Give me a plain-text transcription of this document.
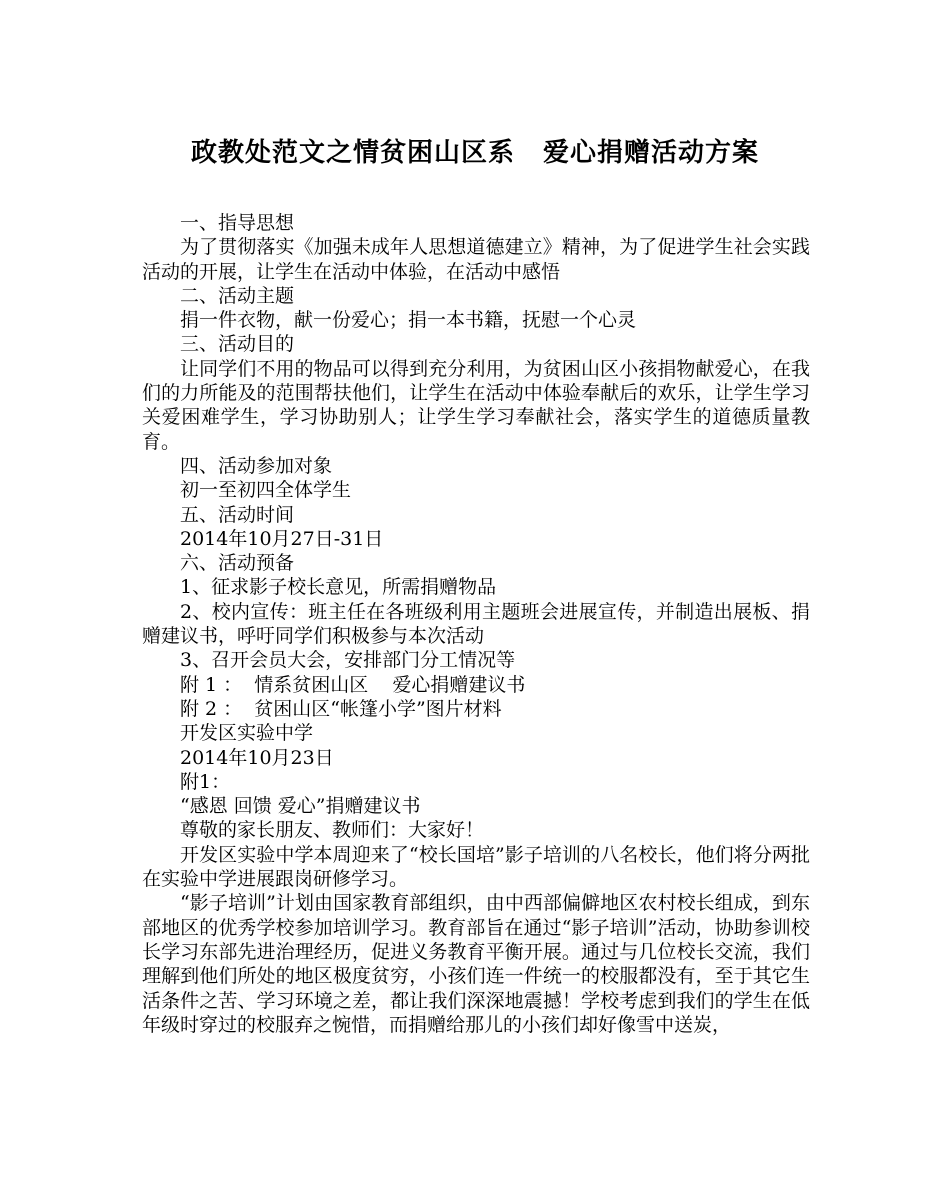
政教处范文之情贫困山区系 爱心捐赠活动方案

一、指导思想

为了贯彻落实《加强未成年人思想道德建立》精神，为了促进学生社会实践活动的开展，让学生在活动中体验，在活动中感悟

二、活动主题

捐一件衣物，献一份爱心；捐一本书籍，抚慰一个心灵

三、活动目的

让同学们不用的物品可以得到充分利用，为贫困山区小孩捐物献爱心，在我们的力所能及的范围帮扶他们，让学生在活动中体验奉献后的欢乐，让学生学习关爱困难学生，学习协助别人；让学生学习奉献社会，落实学生的道德质量教育。

四、活动参加对象

初一至初四全体学生

五、活动时间

2014年10月27日-31日

六、活动预备

1、征求影子校长意见，所需捐赠物品

2、校内宣传：班主任在各班级利用主题班会进展宣传，并制造出展板、捐赠建议书，呼吁同学们积极参与本次活动

3、召开会员大会，安排部门分工情况等

附 1 ：  情系贫困山区    爱心捐赠建议书

附 2 ：  贫困山区“帐篷小学”图片材料

开发区实验中学

2014年10月23日

附1：

“感恩 回馈 爱心”捐赠建议书

尊敬的家长朋友、教师们：大家好！

开发区实验中学本周迎来了“校长国培”影子培训的八名校长，他们将分两批在实验中学进展跟岗研修学习。

“影子培训”计划由国家教育部组织，由中西部偏僻地区农村校长组成，到东部地区的优秀学校参加培训学习。教育部旨在通过“影子培训”活动，协助参训校长学习东部先进治理经历，促进义务教育平衡开展。通过与几位校长交流，我们理解到他们所处的地区极度贫穷，小孩们连一件统一的校服都没有，至于其它生活条件之苦、学习环境之差，都让我们深深地震撼！学校考虑到我们的学生在低年级时穿过的校服弃之惋惜，而捐赠给那儿的小孩们却好像雪中送炭，
